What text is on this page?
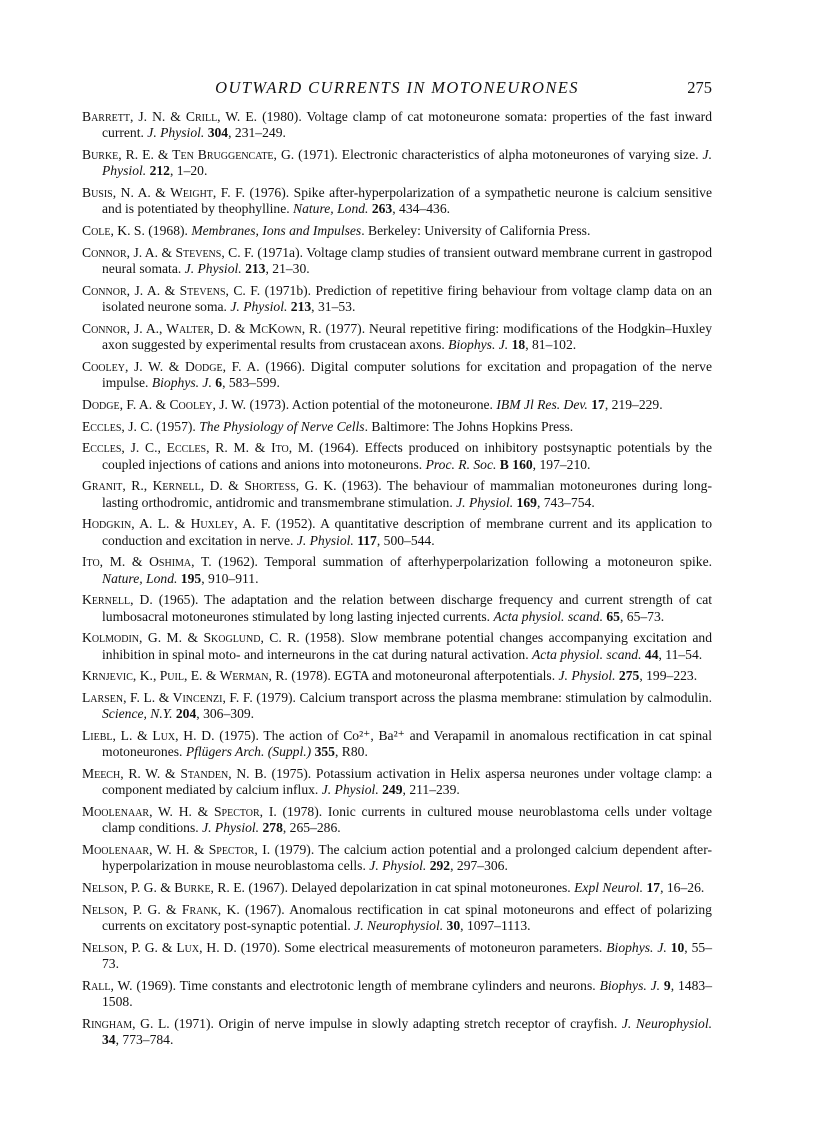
OUTWARD CURRENTS IN MOTONEURONES	275
Barrett, J. N. & Crill, W. E. (1980). Voltage clamp of cat motoneurone somata: properties of the fast inward current. J. Physiol. 304, 231–249.
Burke, R. E. & Ten Bruggencate, G. (1971). Electronic characteristics of alpha motoneurones of varying size. J. Physiol. 212, 1–20.
Busis, N. A. & Weight, F. F. (1976). Spike after-hyperpolarization of a sympathetic neurone is calcium sensitive and is potentiated by theophylline. Nature, Lond. 263, 434–436.
Cole, K. S. (1968). Membranes, Ions and Impulses. Berkeley: University of California Press.
Connor, J. A. & Stevens, C. F. (1971a). Voltage clamp studies of transient outward membrane current in gastropod neural somata. J. Physiol. 213, 21–30.
Connor, J. A. & Stevens, C. F. (1971b). Prediction of repetitive firing behaviour from voltage clamp data on an isolated neurone soma. J. Physiol. 213, 31–53.
Connor, J. A., Walter, D. & McKown, R. (1977). Neural repetitive firing: modifications of the Hodgkin–Huxley axon suggested by experimental results from crustacean axons. Biophys. J. 18, 81–102.
Cooley, J. W. & Dodge, F. A. (1966). Digital computer solutions for excitation and propagation of the nerve impulse. Biophys. J. 6, 583–599.
Dodge, F. A. & Cooley, J. W. (1973). Action potential of the motoneurone. IBM Jl Res. Dev. 17, 219–229.
Eccles, J. C. (1957). The Physiology of Nerve Cells. Baltimore: The Johns Hopkins Press.
Eccles, J. C., Eccles, R. M. & Ito, M. (1964). Effects produced on inhibitory postsynaptic potentials by the coupled injections of cations and anions into motoneurons. Proc. R. Soc. B 160, 197–210.
Granit, R., Kernell, D. & Shortess, G. K. (1963). The behaviour of mammalian motoneurones during long-lasting orthodromic, antidromic and transmembrane stimulation. J. Physiol. 169, 743–754.
Hodgkin, A. L. & Huxley, A. F. (1952). A quantitative description of membrane current and its application to conduction and excitation in nerve. J. Physiol. 117, 500–544.
Ito, M. & Oshima, T. (1962). Temporal summation of afterhyperpolarization following a motoneuron spike. Nature, Lond. 195, 910–911.
Kernell, D. (1965). The adaptation and the relation between discharge frequency and current strength of cat lumbosacral motoneurones stimulated by long lasting injected currents. Acta physiol. scand. 65, 65–73.
Kolmodin, G. M. & Skoglund, C. R. (1958). Slow membrane potential changes accompanying excitation and inhibition in spinal moto- and interneurons in the cat during natural activation. Acta physiol. scand. 44, 11–54.
Krnjevic, K., Puil, E. & Werman, R. (1978). EGTA and motoneuronal afterpotentials. J. Physiol. 275, 199–223.
Larsen, F. L. & Vincenzi, F. F. (1979). Calcium transport across the plasma membrane: stimulation by calmodulin. Science, N.Y. 204, 306–309.
Liebl, L. & Lux, H. D. (1975). The action of Co²⁺, Ba²⁺ and Verapamil in anomalous rectification in cat spinal motoneurones. Pflügers Arch. (Suppl.) 355, R80.
Meech, R. W. & Standen, N. B. (1975). Potassium activation in Helix aspersa neurones under voltage clamp: a component mediated by calcium influx. J. Physiol. 249, 211–239.
Moolenaar, W. H. & Spector, I. (1978). Ionic currents in cultured mouse neuroblastoma cells under voltage clamp conditions. J. Physiol. 278, 265–286.
Moolenaar, W. H. & Spector, I. (1979). The calcium action potential and a prolonged calcium dependent after-hyperpolarization in mouse neuroblastoma cells. J. Physiol. 292, 297–306.
Nelson, P. G. & Burke, R. E. (1967). Delayed depolarization in cat spinal motoneurones. Expl Neurol. 17, 16–26.
Nelson, P. G. & Frank, K. (1967). Anomalous rectification in cat spinal motoneurons and effect of polarizing currents on excitatory post-synaptic potential. J. Neurophysiol. 30, 1097–1113.
Nelson, P. G. & Lux, H. D. (1970). Some electrical measurements of motoneuron parameters. Biophys. J. 10, 55–73.
Rall, W. (1969). Time constants and electrotonic length of membrane cylinders and neurons. Biophys. J. 9, 1483–1508.
Ringham, G. L. (1971). Origin of nerve impulse in slowly adapting stretch receptor of crayfish. J. Neurophysiol. 34, 773–784.
